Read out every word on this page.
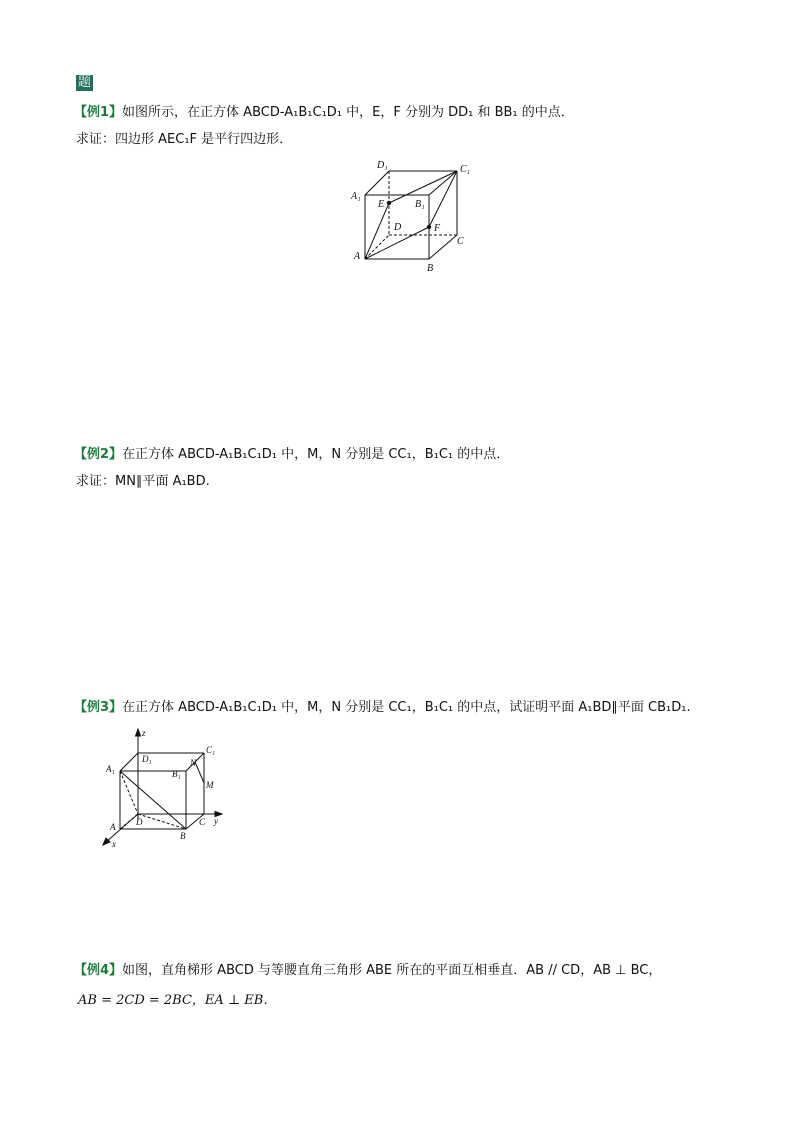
题
【例1】如图所示，在正方体 ABCD-A₁B₁C₁D₁ 中，E，F 分别为 DD₁ 和 BB₁ 的中点．
求证：四边形 AEC₁F 是平行四边形．
D₁	C₁
A₁
E	B₁
D	F
C
A
B
【例2】在正方体 ABCD-A₁B₁C₁D₁ 中，M，N 分别是 CC₁，B₁C₁ 的中点．
求证：MN∥平面 A₁BD.
【例3】在正方体 ABCD-A₁B₁C₁D₁ 中，M，N 分别是 CC₁，B₁C₁ 的中点，试证明平面 A₁BD∥平面 CB₁D₁.
z
D₁
C₁
A₁
N
B₁
M
D	C y
A
B
x
【例4】如图，直角梯形 ABCD 与等腰直角三角形 ABE 所在的平面互相垂直．AB // CD，AB ⊥ BC，
AB = 2CD = 2BC，EA ⊥ EB．
